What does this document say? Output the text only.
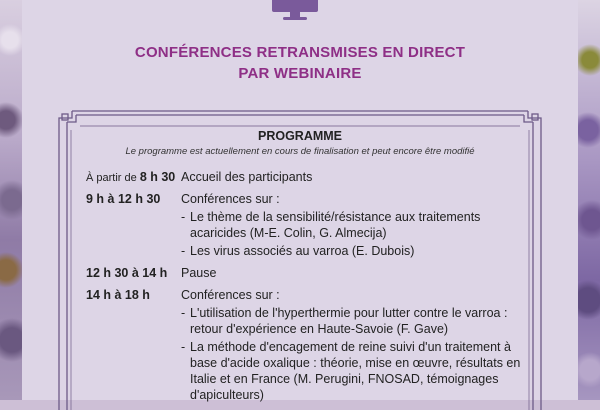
CONFÉRENCES RETRANSMISES EN DIRECT
PAR WEBINAIRE
PROGRAMME
Le programme est actuellement en cours de finalisation et peut encore être modifié
À partir de 8 h 30 Accueil des participants
9 h à 12 h 30 Conférences sur :
- Le thème de la sensibilité/résistance aux traitements acaricides (M-E. Colin, G. Almecija)
- Les virus associés au varroa (E. Dubois)
12 h 30 à 14 h Pause
14 h à 18 h Conférences sur :
- L'utilisation de l'hyperthermie pour lutter contre le varroa : retour d'expérience en Haute-Savoie (F. Gave)
- La méthode d'encagement de reine suivi d'un traitement à base d'acide oxalique : théorie, mise en œuvre, résultats en Italie et en France (M. Perugini, FNOSAD, témoignages d'apiculteurs)
